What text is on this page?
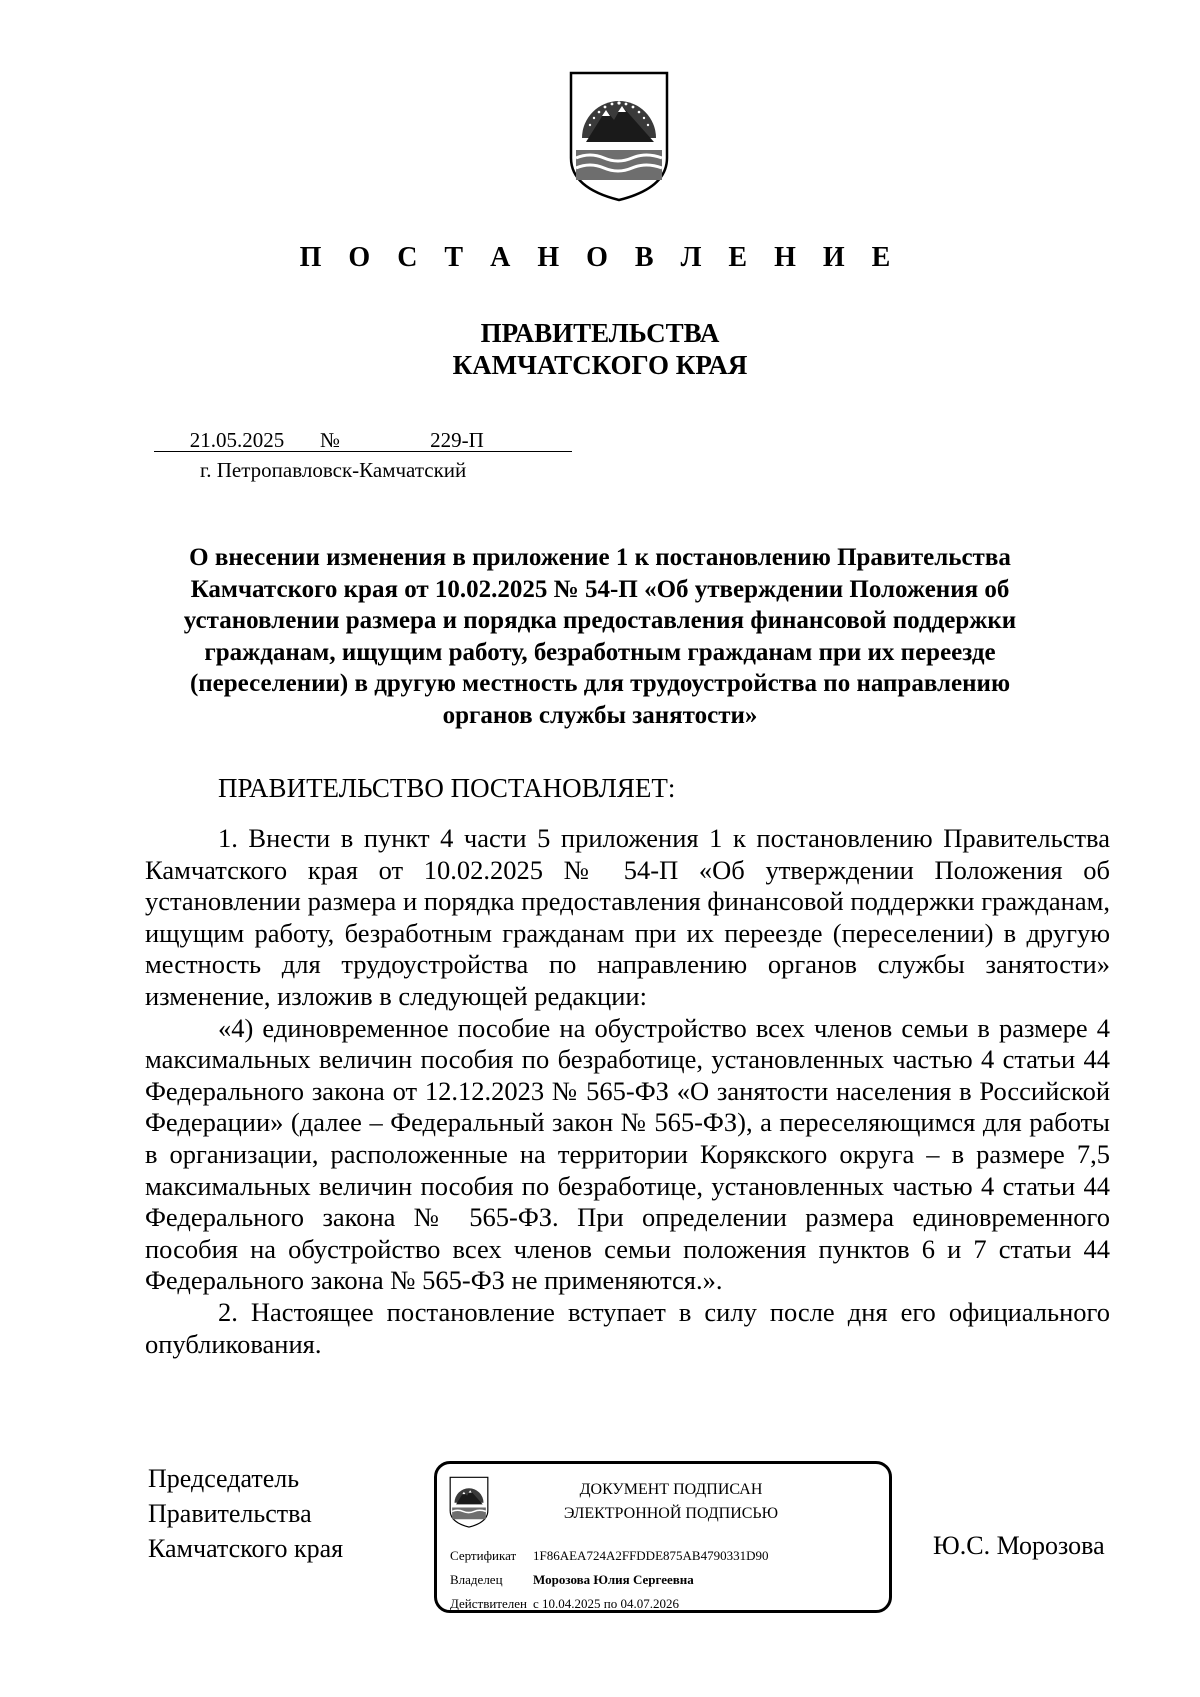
П О С Т А Н О В Л Е Н И Е
ПРАВИТЕЛЬСТВА
КАМЧАТСКОГО КРАЯ
21.05.2025 №	229-П
г. Петропавловск-Камчатский
О внесении изменения в приложение 1 к постановлению Правительства Камчатского края от 10.02.2025 № 54-П «Об утверждении Положения об установлении размера и порядка предоставления финансовой поддержки гражданам, ищущим работу, безработным гражданам при их переезде (переселении) в другую местность для трудоустройства по направлению органов службы занятости»
ПРАВИТЕЛЬСТВО ПОСТАНОВЛЯЕТ:

1. Внести в пункт 4 части 5 приложения 1 к постановлению Правительства Камчатского края от 10.02.2025 № 54-П «Об утверждении Положения об установлении размера и порядка предоставления финансовой поддержки гражданам, ищущим работу, безработным гражданам при их переезде (переселении) в другую местность для трудоустройства по направлению органов службы занятости» изменение, изложив в следующей редакции:

«4) единовременное пособие на обустройство всех членов семьи в размере 4 максимальных величин пособия по безработице, установленных частью 4 статьи 44 Федерального закона от 12.12.2023 № 565-ФЗ «О занятости населения в Российской Федерации» (далее – Федеральный закон № 565-ФЗ), а переселяющимся для работы в организации, расположенные на территории Корякского округа – в размере 7,5 максимальных величин пособия по безработице, установленных частью 4 статьи 44 Федерального закона № 565-ФЗ. При определении размера единовременного пособия на обустройство всех членов семьи положения пунктов 6 и 7 статьи 44 Федерального закона № 565-ФЗ не применяются.».

2. Настоящее постановление вступает в силу после дня его официального опубликования.

Председатель
Правительства
Камчатского края
ДОКУМЕНТ ПОДПИСАН
ЭЛЕКТРОННОЙ ПОДПИСЬЮ
Сертификат 1F86AEA724A2FFDDE875AB4790331D90
Владелец Морозова Юлия Сергеевна
Действителен с 10.04.2025 по 04.07.2026
Ю.С. Морозова
